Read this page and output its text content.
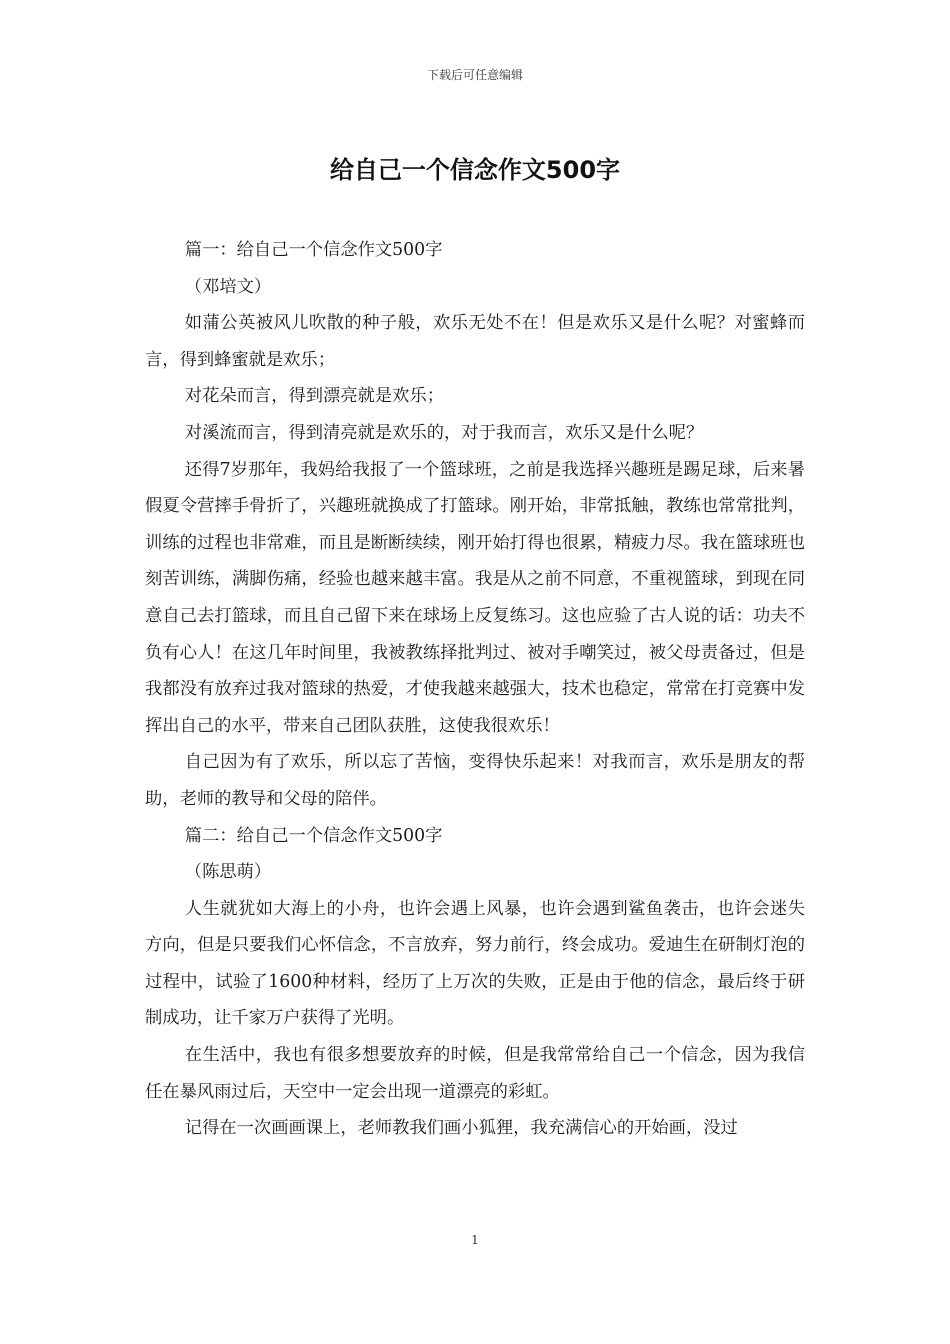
下载后可任意编辑
给自己一个信念作文500字

篇一：给自己一个信念作文500字

（邓培文）

如蒲公英被风儿吹散的种子般，欢乐无处不在！但是欢乐又是什么呢？对蜜蜂而言，得到蜂蜜就是欢乐；

对花朵而言，得到漂亮就是欢乐；

对溪流而言，得到清亮就是欢乐的，对于我而言，欢乐又是什么呢？

还得7岁那年，我妈给我报了一个篮球班，之前是我选择兴趣班是踢足球，后来暑假夏令营摔手骨折了，兴趣班就换成了打篮球。刚开始，非常抵触，教练也常常批判，训练的过程也非常难，而且是断断续续，刚开始打得也很累，精疲力尽。我在篮球班也刻苦训练，满脚伤痛，经验也越来越丰富。我是从之前不同意，不重视篮球，到现在同意自己去打篮球，而且自己留下来在球场上反复练习。这也应验了古人说的话：功夫不负有心人！在这几年时间里，我被教练择批判过、被对手嘲笑过，被父母责备过，但是我都没有放弃过我对篮球的热爱，才使我越来越强大，技术也稳定，常常在打竞赛中发挥出自己的水平，带来自己团队获胜，这使我很欢乐！

自己因为有了欢乐，所以忘了苦恼，变得快乐起来！对我而言，欢乐是朋友的帮助，老师的教导和父母的陪伴。

篇二：给自己一个信念作文500字

（陈思萌）

人生就犹如大海上的小舟，也许会遇上风暴，也许会遇到鲨鱼袭击，也许会迷失方向，但是只要我们心怀信念，不言放弃，努力前行，终会成功。爱迪生在研制灯泡的过程中，试验了1600种材料，经历了上万次的失败，正是由于他的信念，最后终于研制成功，让千家万户获得了光明。

在生活中，我也有很多想要放弃的时候，但是我常常给自己一个信念，因为我信任在暴风雨过后，天空中一定会出现一道漂亮的彩虹。

记得在一次画画课上，老师教我们画小狐狸，我充满信心的开始画，没过

1
